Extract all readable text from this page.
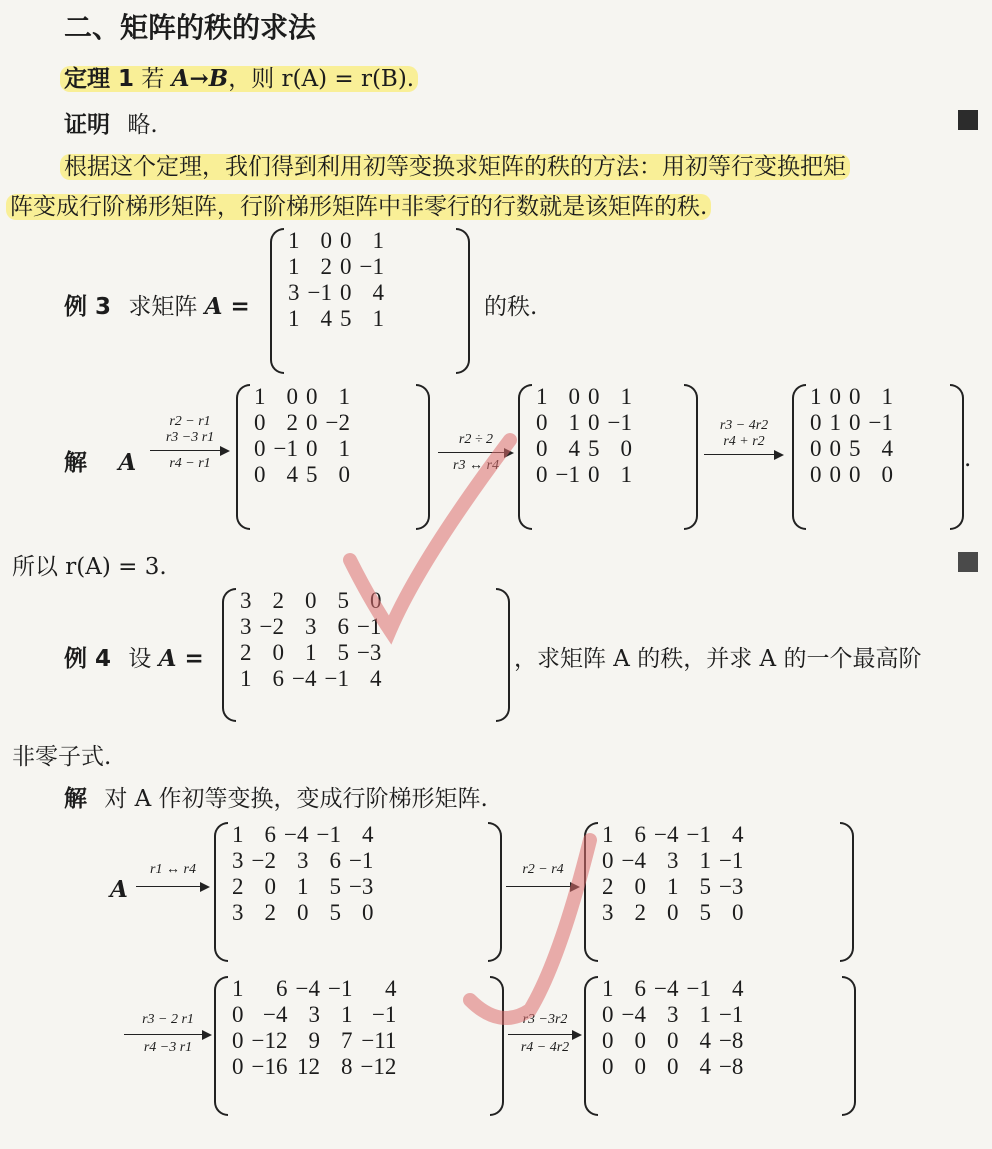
二、矩阵的秩的求法
定理 1 若 A→B，则 r(A) = r(B).
证明 略.
根据这个定理，我们得到利用初等变换求矩阵的秩的方法：用初等行变换把矩
阵变成行阶梯形矩阵，行阶梯形矩阵中非零行的行数就是该矩阵的秩.
例 3 求矩阵 A =
1	0	0	1
1	2	0	−1
3	−1	0	4
1	4	5	1	的秩.
解 A
r2 − r1
r3 −3 r1
r4 − r1
1	0	0	1
0	2	0	−2
0	−1	0	1
0	4	5	0
r2 ÷ 2
r3 ↔ r4
1	0	0	1
0	1	0	−1
0	4	5	0
0	−1	0	1
r3 − 4r2
r4 + r2
1	0	0	1
0	1	0	−1
0	0	5	4
0	0	0	0
.
所以 r(A) = 3.
例 4 设 A =
3	2	0	5	0
3	−2	3	6	−1
2	0	1	5	−3
1	6	−4	−1	4
，求矩阵 A 的秩，并求 A 的一个最高阶
非零子式.
解 对 A 作初等变换，变成行阶梯形矩阵.
A
r1 ↔ r4
1	6	−4	−1	4
3	−2	3	6	−1
2	0	1	5	−3
3	2	0	5	0
r2 − r4
1	6	−4	−1	4
0	−4	3	1	−1
2	0	1	5	−3
3	2	0	5	0
r3 − 2 r1
r4 −3 r1
1	6	−4	−1	4
0	−4	3	1	−1
0	−12	9	7	−11
0	−16	12	8	−12
r3 −3r2
r4 − 4r2
1	6	−4	−1	4
0	−4	3	1	−1
0	0	0	4	−8
0	0	0	4	−8
